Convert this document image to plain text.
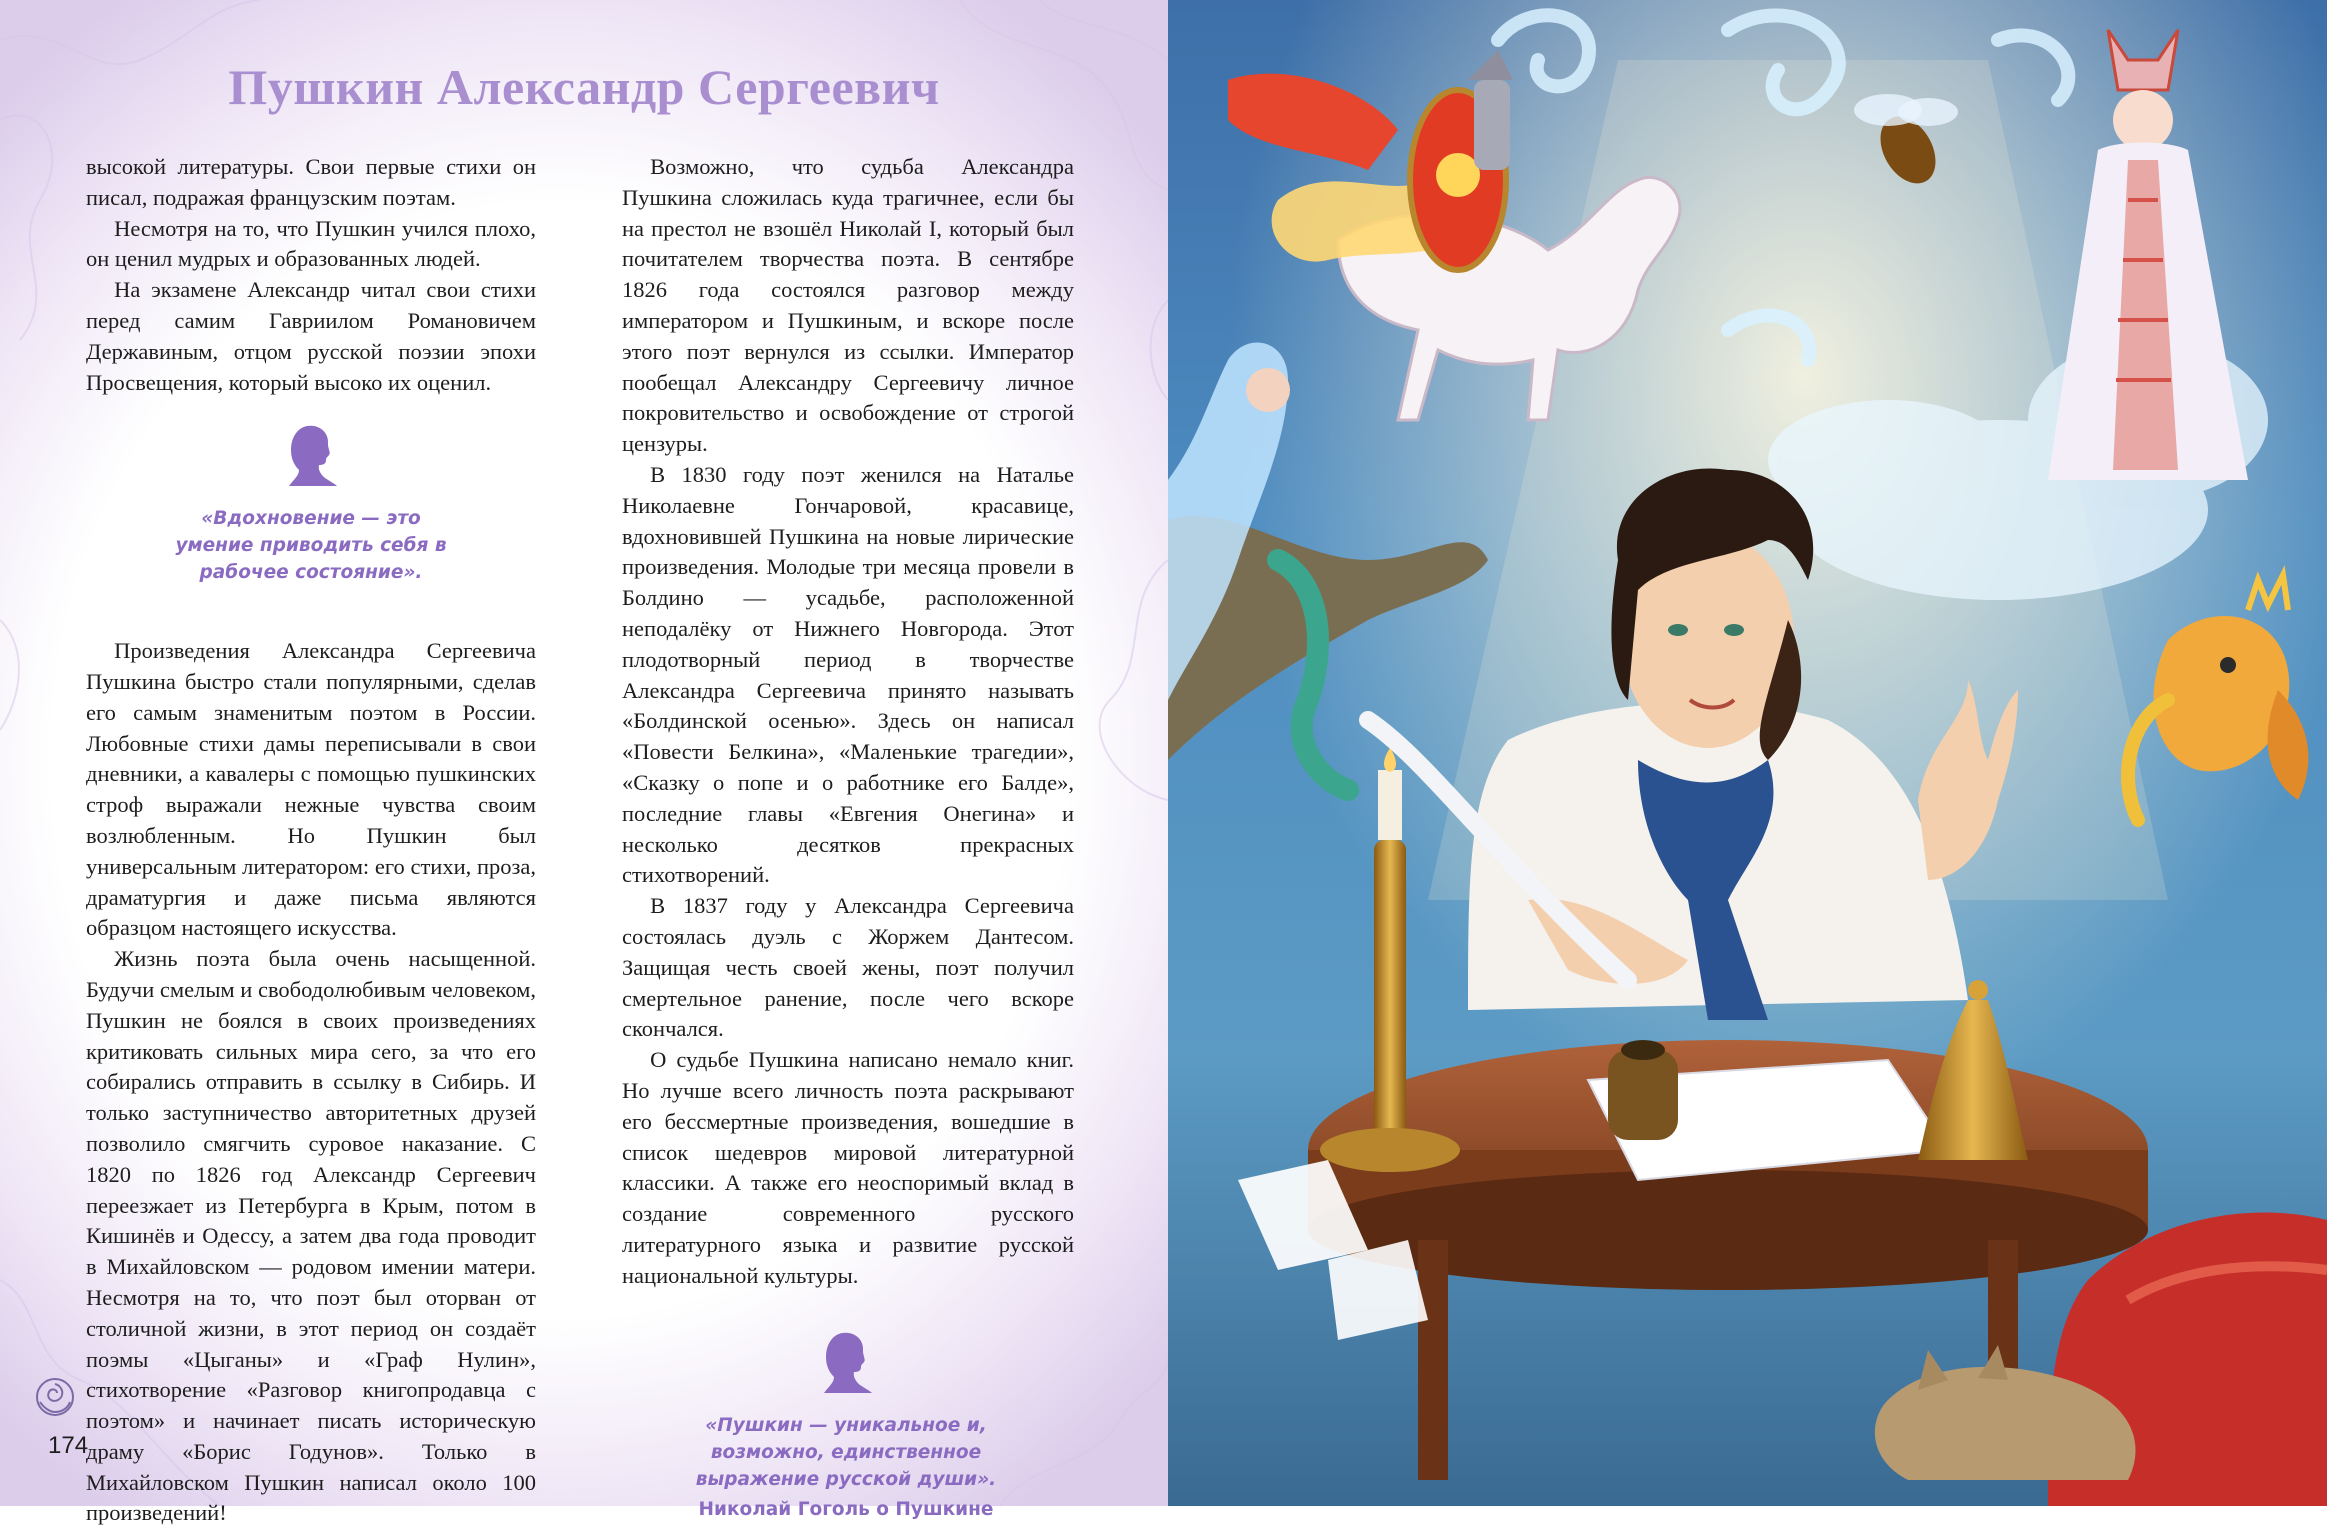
Пушкин Александр Сергеевич

высокой литературы. Свои первые стихи он писал, подражая французским поэтам.

Несмотря на то, что Пушкин учился плохо, он ценил мудрых и образованных людей.

На экзамене Александр читал свои стихи перед самим Гавриилом Романовичем Державиным, отцом русской поэзии эпохи Просвещения, который высоко их оценил.

«Вдохновение — это умение приводить себя в рабочее состояние».

Произведения Александра Сергеевича Пушкина быстро стали популярными, сделав его самым знаменитым поэтом в России. Любовные стихи дамы переписывали в свои дневники, а кавалеры с помощью пушкинских строф выражали нежные чувства своим возлюбленным. Но Пушкин был универсальным литератором: его стихи, проза, драматургия и даже письма являются образцом настоящего искусства.

Жизнь поэта была очень насыщенной. Будучи смелым и свободолюбивым человеком, Пушкин не боялся в своих произведениях критиковать сильных мира сего, за что его собирались отправить в ссылку в Сибирь. И только заступничество авторитетных друзей позволило смягчить суровое наказание. С 1820 по 1826 год Александр Сергеевич переезжает из Петербурга в Крым, потом в Кишинёв и Одессу, а затем два года проводит в Михайловском — родовом имении матери. Несмотря на то, что поэт был оторван от столичной жизни, в этот период он создаёт поэмы «Цыганы» и «Граф Нулин», стихотворение «Разговор книгопродавца с поэтом» и начинает писать историческую драму «Борис Годунов». Только в Михайловском Пушкин написал около 100 произведений!

Возможно, что судьба Александра Пушкина сложилась куда трагичнее, если бы на престол не взошёл Николай I, который был почитателем творчества поэта. В сентябре 1826 года состоялся разговор между императором и Пушкиным, и вскоре после этого поэт вернулся из ссылки. Император пообещал Александру Сергеевичу личное покровительство и освобождение от строгой цензуры.

В 1830 году поэт женился на Наталье Николаевне Гончаровой, красавице, вдохновившей Пушкина на новые лирические произведения. Молодые три месяца провели в Болдино — усадьбе, расположенной неподалёку от Нижнего Новгорода. Этот плодотворный период в творчестве Александра Сергеевича принято называть «Болдинской осенью». Здесь он написал «Повести Белкина», «Маленькие трагедии», «Сказку о попе и о работнике его Балде», последние главы «Евгения Онегина» и несколько десятков прекрасных стихотворений.

В 1837 году у Александра Сергеевича состоялась дуэль с Жоржем Дантесом. Защищая честь своей жены, поэт получил смертельное ранение, после чего вскоре скончался.

О судьбе Пушкина написано немало книг. Но лучше всего личность поэта раскрывают его бессмертные произведения, вошедшие в список шедевров мировой литературной классики. А также его неоспоримый вклад в создание современного русского литературного языка и развитие русской национальной культуры.

«Пушкин — уникальное и, возможно, единственное выражение русской души».
Николай Гоголь о Пушкине
174
